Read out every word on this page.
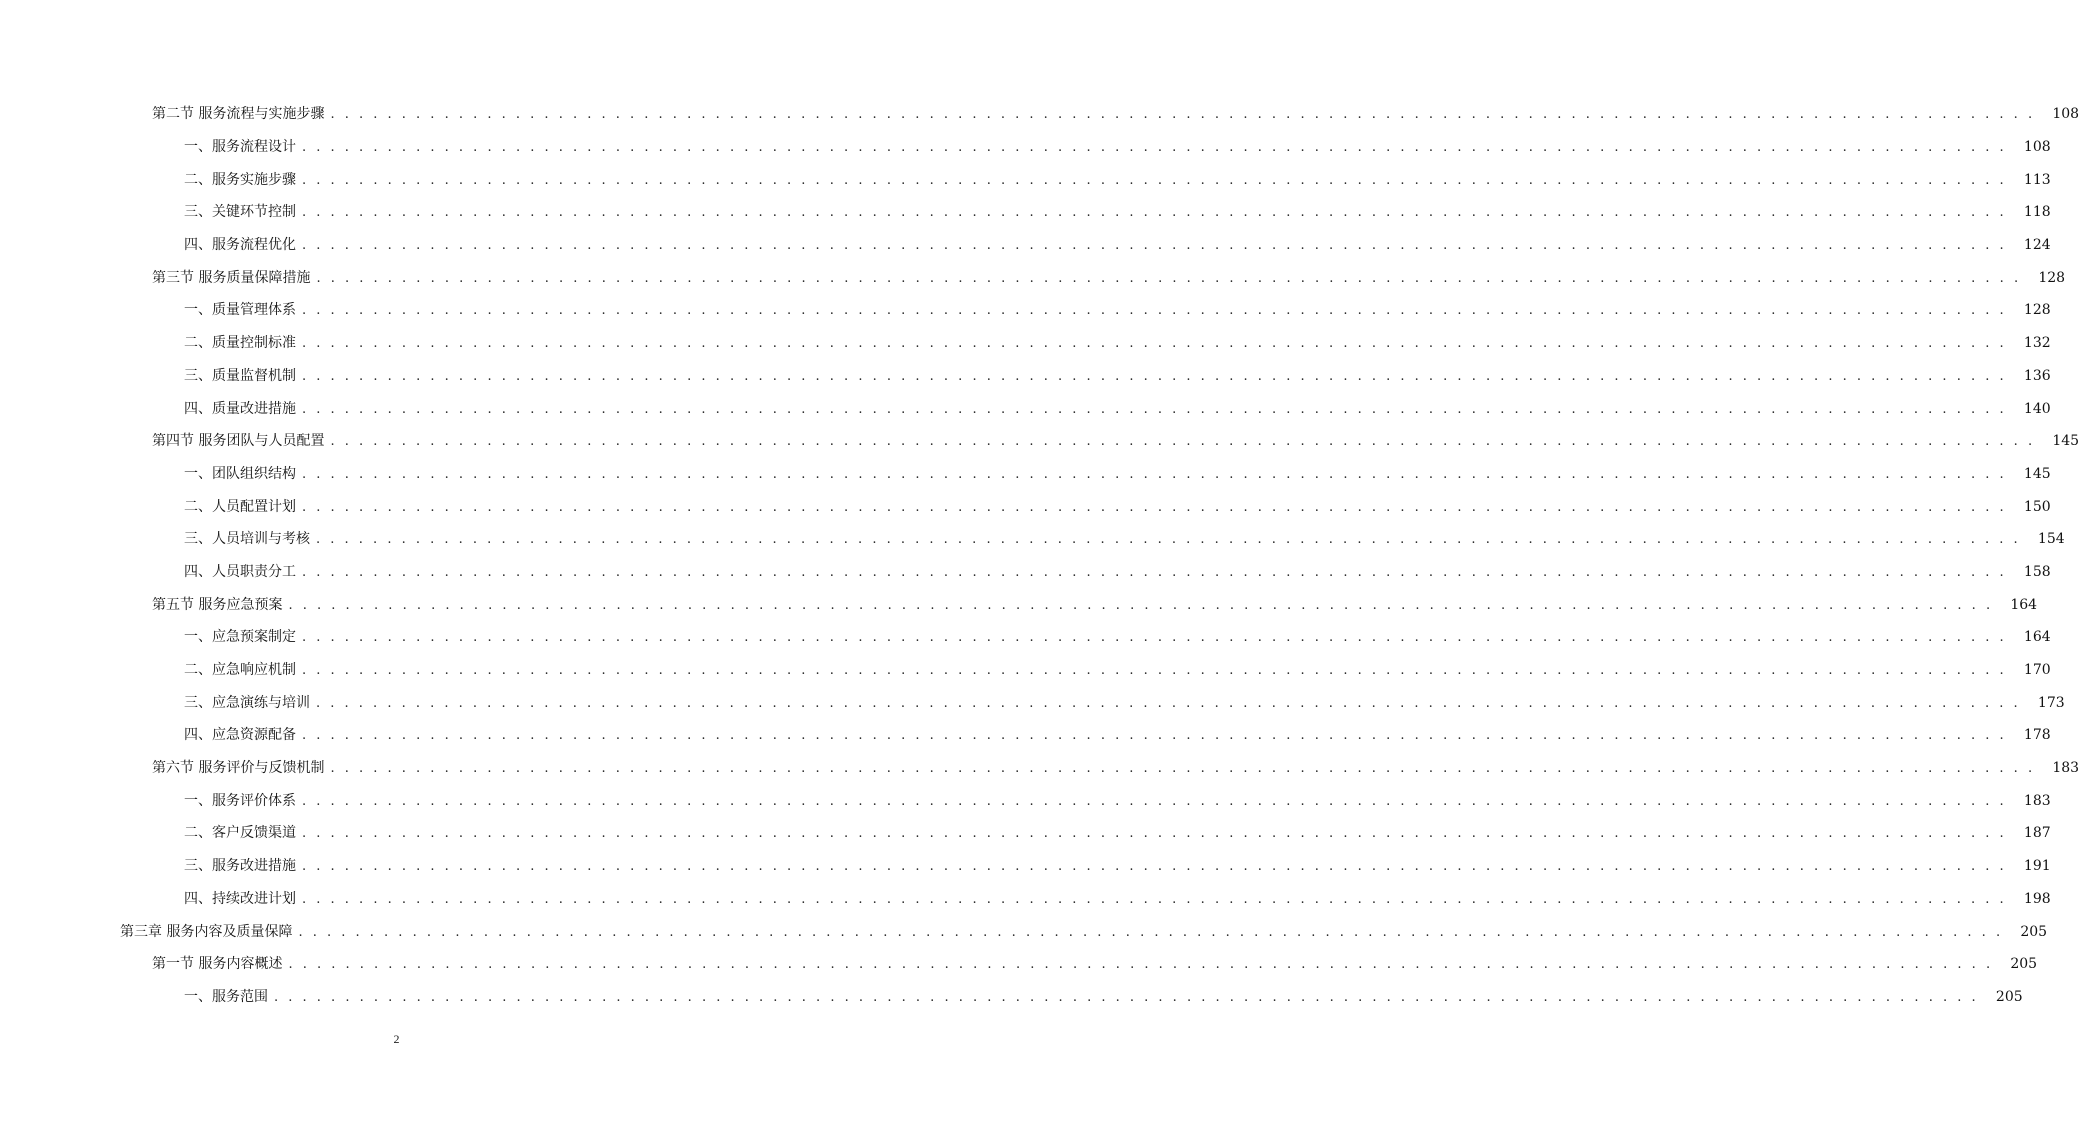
第二节 服务流程与实施步骤 . . . . . . . . . . . . . . . . . . . . . . . . . . . . . . . . . . . . . . . . . . . . . . . . . . . . . . . . . . . . . . . . . . . . . . . . . . . . . . . . . . . . . . . . . . . . . . . . . . . . . . . . . . . . . . . . . . . . . . . .	108
一、服务流程设计 . . . . . . . . . . . . . . . . . . . . . . . . . . . . . . . . . . . . . . . . . . . . . . . . . . . . . . . . . . . . . . . . . . . . . . . . . . . . . . . . . . . . . . . . . . . . . . . . . . . . . . . . . . . . . . . . . . . . . . . .	108
二、服务实施步骤 . . . . . . . . . . . . . . . . . . . . . . . . . . . . . . . . . . . . . . . . . . . . . . . . . . . . . . . . . . . . . . . . . . . . . . . . . . . . . . . . . . . . . . . . . . . . . . . . . . . . . . . . . . . . . . . . . . . . . . . .	113
三、关键环节控制 . . . . . . . . . . . . . . . . . . . . . . . . . . . . . . . . . . . . . . . . . . . . . . . . . . . . . . . . . . . . . . . . . . . . . . . . . . . . . . . . . . . . . . . . . . . . . . . . . . . . . . . . . . . . . . . . . . . . . . . .	118
四、服务流程优化 . . . . . . . . . . . . . . . . . . . . . . . . . . . . . . . . . . . . . . . . . . . . . . . . . . . . . . . . . . . . . . . . . . . . . . . . . . . . . . . . . . . . . . . . . . . . . . . . . . . . . . . . . . . . . . . . . . . . . . . .	124
第三节 服务质量保障措施 . . . . . . . . . . . . . . . . . . . . . . . . . . . . . . . . . . . . . . . . . . . . . . . . . . . . . . . . . . . . . . . . . . . . . . . . . . . . . . . . . . . . . . . . . . . . . . . . . . . . . . . . . . . . . . . . . . . . . . . .	128
一、质量管理体系 . . . . . . . . . . . . . . . . . . . . . . . . . . . . . . . . . . . . . . . . . . . . . . . . . . . . . . . . . . . . . . . . . . . . . . . . . . . . . . . . . . . . . . . . . . . . . . . . . . . . . . . . . . . . . . . . . . . . . . . .	128
二、质量控制标准 . . . . . . . . . . . . . . . . . . . . . . . . . . . . . . . . . . . . . . . . . . . . . . . . . . . . . . . . . . . . . . . . . . . . . . . . . . . . . . . . . . . . . . . . . . . . . . . . . . . . . . . . . . . . . . . . . . . . . . . .	132
三、质量监督机制 . . . . . . . . . . . . . . . . . . . . . . . . . . . . . . . . . . . . . . . . . . . . . . . . . . . . . . . . . . . . . . . . . . . . . . . . . . . . . . . . . . . . . . . . . . . . . . . . . . . . . . . . . . . . . . . . . . . . . . . .	136
四、质量改进措施 . . . . . . . . . . . . . . . . . . . . . . . . . . . . . . . . . . . . . . . . . . . . . . . . . . . . . . . . . . . . . . . . . . . . . . . . . . . . . . . . . . . . . . . . . . . . . . . . . . . . . . . . . . . . . . . . . . . . . . . .	140
第四节 服务团队与人员配置 . . . . . . . . . . . . . . . . . . . . . . . . . . . . . . . . . . . . . . . . . . . . . . . . . . . . . . . . . . . . . . . . . . . . . . . . . . . . . . . . . . . . . . . . . . . . . . . . . . . . . . . . . . . . . . . . . . . . . . . .	145
一、团队组织结构 . . . . . . . . . . . . . . . . . . . . . . . . . . . . . . . . . . . . . . . . . . . . . . . . . . . . . . . . . . . . . . . . . . . . . . . . . . . . . . . . . . . . . . . . . . . . . . . . . . . . . . . . . . . . . . . . . . . . . . . .	145
二、人员配置计划 . . . . . . . . . . . . . . . . . . . . . . . . . . . . . . . . . . . . . . . . . . . . . . . . . . . . . . . . . . . . . . . . . . . . . . . . . . . . . . . . . . . . . . . . . . . . . . . . . . . . . . . . . . . . . . . . . . . . . . . .	150
三、人员培训与考核 . . . . . . . . . . . . . . . . . . . . . . . . . . . . . . . . . . . . . . . . . . . . . . . . . . . . . . . . . . . . . . . . . . . . . . . . . . . . . . . . . . . . . . . . . . . . . . . . . . . . . . . . . . . . . . . . . . . . . . . .	154
四、人员职责分工 . . . . . . . . . . . . . . . . . . . . . . . . . . . . . . . . . . . . . . . . . . . . . . . . . . . . . . . . . . . . . . . . . . . . . . . . . . . . . . . . . . . . . . . . . . . . . . . . . . . . . . . . . . . . . . . . . . . . . . . .	158
第五节 服务应急预案 . . . . . . . . . . . . . . . . . . . . . . . . . . . . . . . . . . . . . . . . . . . . . . . . . . . . . . . . . . . . . . . . . . . . . . . . . . . . . . . . . . . . . . . . . . . . . . . . . . . . . . . . . . . . . . . . . . . . . . . .	164
一、应急预案制定 . . . . . . . . . . . . . . . . . . . . . . . . . . . . . . . . . . . . . . . . . . . . . . . . . . . . . . . . . . . . . . . . . . . . . . . . . . . . . . . . . . . . . . . . . . . . . . . . . . . . . . . . . . . . . . . . . . . . . . . .	164
二、应急响应机制 . . . . . . . . . . . . . . . . . . . . . . . . . . . . . . . . . . . . . . . . . . . . . . . . . . . . . . . . . . . . . . . . . . . . . . . . . . . . . . . . . . . . . . . . . . . . . . . . . . . . . . . . . . . . . . . . . . . . . . . .	170
三、应急演练与培训 . . . . . . . . . . . . . . . . . . . . . . . . . . . . . . . . . . . . . . . . . . . . . . . . . . . . . . . . . . . . . . . . . . . . . . . . . . . . . . . . . . . . . . . . . . . . . . . . . . . . . . . . . . . . . . . . . . . . . . . .	173
四、应急资源配备 . . . . . . . . . . . . . . . . . . . . . . . . . . . . . . . . . . . . . . . . . . . . . . . . . . . . . . . . . . . . . . . . . . . . . . . . . . . . . . . . . . . . . . . . . . . . . . . . . . . . . . . . . . . . . . . . . . . . . . . .	178
第六节 服务评价与反馈机制 . . . . . . . . . . . . . . . . . . . . . . . . . . . . . . . . . . . . . . . . . . . . . . . . . . . . . . . . . . . . . . . . . . . . . . . . . . . . . . . . . . . . . . . . . . . . . . . . . . . . . . . . . . . . . . . . . . . . . . . .	183
一、服务评价体系 . . . . . . . . . . . . . . . . . . . . . . . . . . . . . . . . . . . . . . . . . . . . . . . . . . . . . . . . . . . . . . . . . . . . . . . . . . . . . . . . . . . . . . . . . . . . . . . . . . . . . . . . . . . . . . . . . . . . . . . .	183
二、客户反馈渠道 . . . . . . . . . . . . . . . . . . . . . . . . . . . . . . . . . . . . . . . . . . . . . . . . . . . . . . . . . . . . . . . . . . . . . . . . . . . . . . . . . . . . . . . . . . . . . . . . . . . . . . . . . . . . . . . . . . . . . . . .	187
三、服务改进措施 . . . . . . . . . . . . . . . . . . . . . . . . . . . . . . . . . . . . . . . . . . . . . . . . . . . . . . . . . . . . . . . . . . . . . . . . . . . . . . . . . . . . . . . . . . . . . . . . . . . . . . . . . . . . . . . . . . . . . . . .	191
四、持续改进计划 . . . . . . . . . . . . . . . . . . . . . . . . . . . . . . . . . . . . . . . . . . . . . . . . . . . . . . . . . . . . . . . . . . . . . . . . . . . . . . . . . . . . . . . . . . . . . . . . . . . . . . . . . . . . . . . . . . . . . . . .	198
第三章 服务内容及质量保障 . . . . . . . . . . . . . . . . . . . . . . . . . . . . . . . . . . . . . . . . . . . . . . . . . . . . . . . . . . . . . . . . . . . . . . . . . . . . . . . . . . . . . . . . . . . . . . . . . . . . . . . . . . . . . . . . . . . . . . . .	205
第一节 服务内容概述 . . . . . . . . . . . . . . . . . . . . . . . . . . . . . . . . . . . . . . . . . . . . . . . . . . . . . . . . . . . . . . . . . . . . . . . . . . . . . . . . . . . . . . . . . . . . . . . . . . . . . . . . . . . . . . . . . . . . . . . .	205
一、服务范围 . . . . . . . . . . . . . . . . . . . . . . . . . . . . . . . . . . . . . . . . . . . . . . . . . . . . . . . . . . . . . . . . . . . . . . . . . . . . . . . . . . . . . . . . . . . . . . . . . . . . . . . . . . . . . . . . . . . . . . . .	205
2
